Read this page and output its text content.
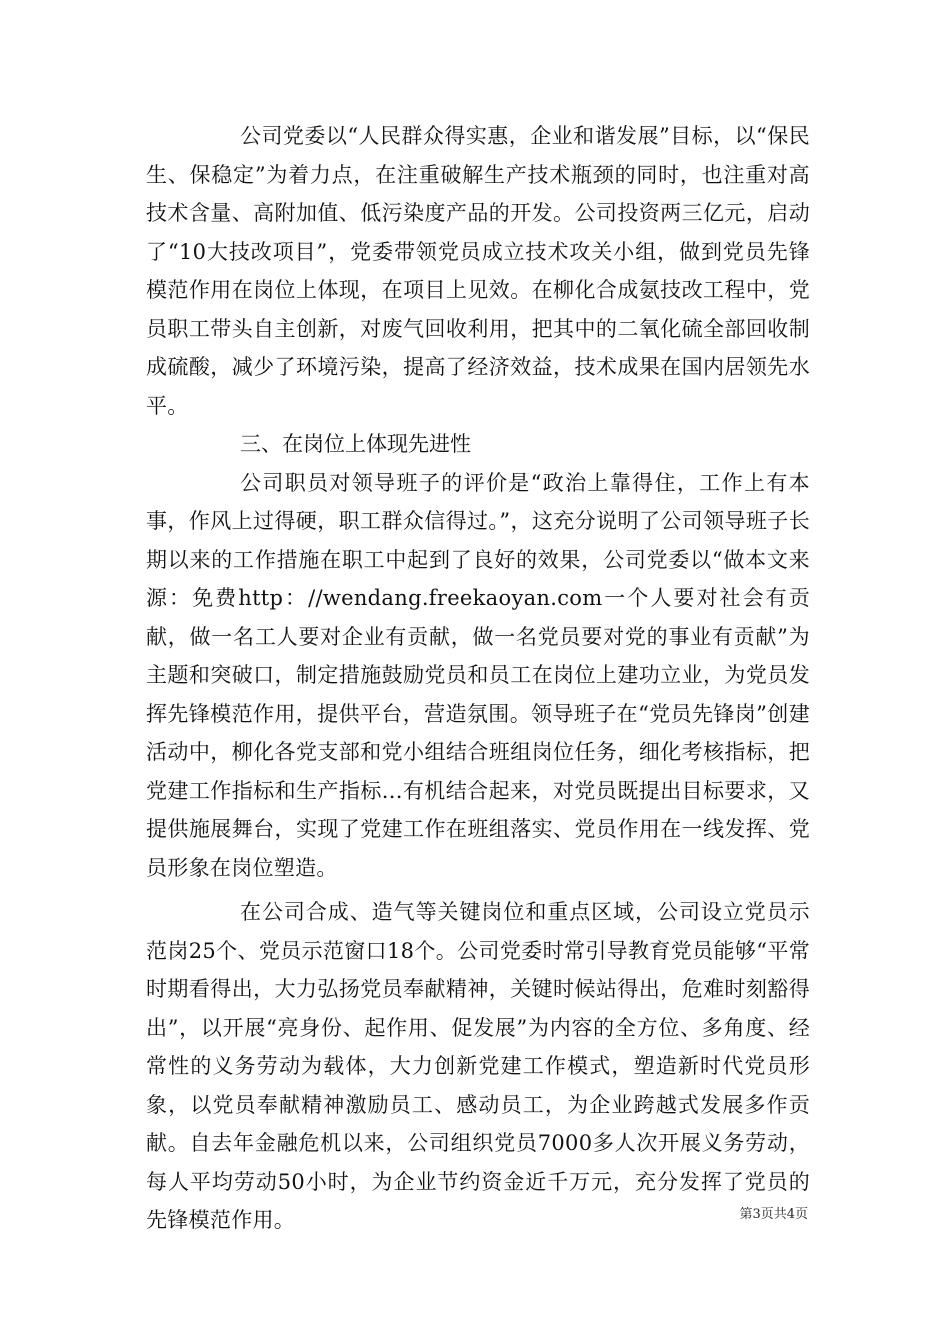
公司党委以“人民群众得实惠，企业和谐发展”目标，以“保民生、保稳定”为着力点，在注重破解生产技术瓶颈的同时，也注重对高技术含量、高附加值、低污染度产品的开发。公司投资两三亿元，启动了“10大技改项目”，党委带领党员成立技术攻关小组，做到党员先锋模范作用在岗位上体现，在项目上见效。在柳化合成氨技改工程中，党员职工带头自主创新，对废气回收利用，把其中的二氧化硫全部回收制成硫酸，减少了环境污染，提高了经济效益，技术成果在国内居领先水平。

三、在岗位上体现先进性

公司职员对领导班子的评价是“政治上靠得住，工作上有本事，作风上过得硬，职工群众信得过。”，这充分说明了公司领导班子长期以来的工作措施在职工中起到了良好的效果，公司党委以“做本文来源：免费http：//wendang.freekaoyan.com一个人要对社会有贡献，做一名工人要对企业有贡献，做一名党员要对党的事业有贡献”为主题和突破口，制定措施鼓励党员和员工在岗位上建功立业，为党员发挥先锋模范作用，提供平台，营造氛围。领导班子在“党员先锋岗”创建活动中，柳化各党支部和党小组结合班组岗位任务，细化考核指标，把党建工作指标和生产指标...有机结合起来，对党员既提出目标要求，又提供施展舞台，实现了党建工作在班组落实、党员作用在一线发挥、党员形象在岗位塑造。

在公司合成、造气等关键岗位和重点区域，公司设立党员示范岗25个、党员示范窗口18个。公司党委时常引导教育党员能够“平常时期看得出，大力弘扬党员奉献精神，关键时候站得出，危难时刻豁得出”，以开展“亮身份、起作用、促发展”为内容的全方位、多角度、经常性的义务劳动为载体，大力创新党建工作模式，塑造新时代党员形象，以党员奉献精神激励员工、感动员工，为企业跨越式发展多作贡献。自去年金融危机以来，公司组织党员7000多人次开展义务劳动，每人平均劳动50小时，为企业节约资金近千万元，充分发挥了党员的先锋模范作用。	第3页共4页
